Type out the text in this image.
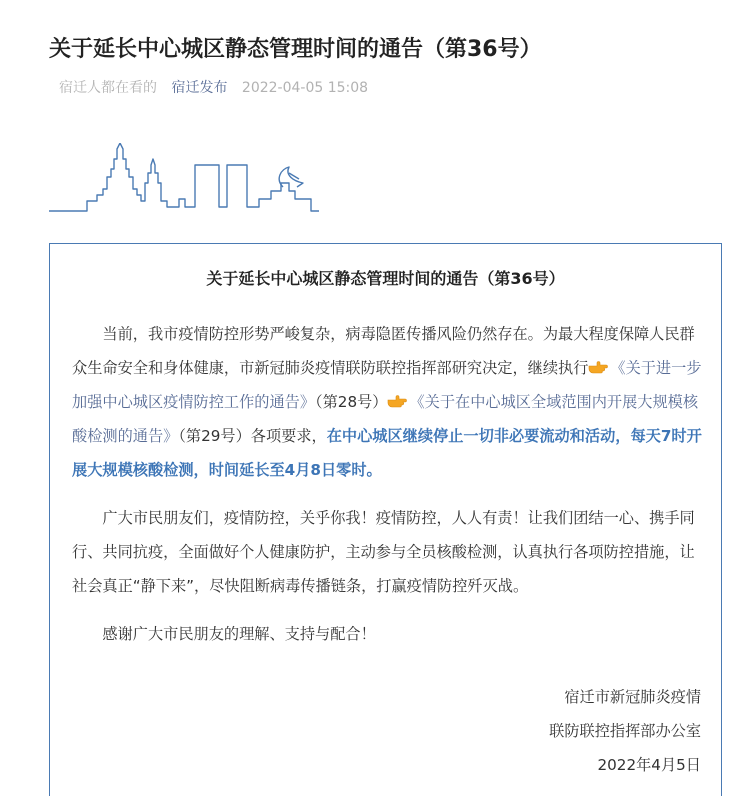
关于延长中心城区静态管理时间的通告（第36号）
宿迁人都在看的 宿迁发布 2022-04-05 15:08
关于延长中心城区静态管理时间的通告（第36号）

当前，我市疫情防控形势严峻复杂，病毒隐匿传播风险仍然存在。为最大程度保障人民群众生命安全和身体健康，市新冠肺炎疫情联防联控指挥部研究决定，继续执行 《关于进一步加强中心城区疫情防控工作的通告》（第28号） 《关于在中心城区全域范围内开展大规模核酸检测的通告》（第29号）各项要求，在中心城区继续停止一切非必要流动和活动，每天7时开展大规模核酸检测，时间延长至4月8日零时。

广大市民朋友们，疫情防控，关乎你我！疫情防控，人人有责！让我们团结一心、携手同行、共同抗疫，全面做好个人健康防护，主动参与全员核酸检测，认真执行各项防控措施，让社会真正“静下来”，尽快阻断病毒传播链条，打赢疫情防控歼灭战。

感谢广大市民朋友的理解、支持与配合！

宿迁市新冠肺炎疫情
联防联控指挥部办公室
2022年4月5日
